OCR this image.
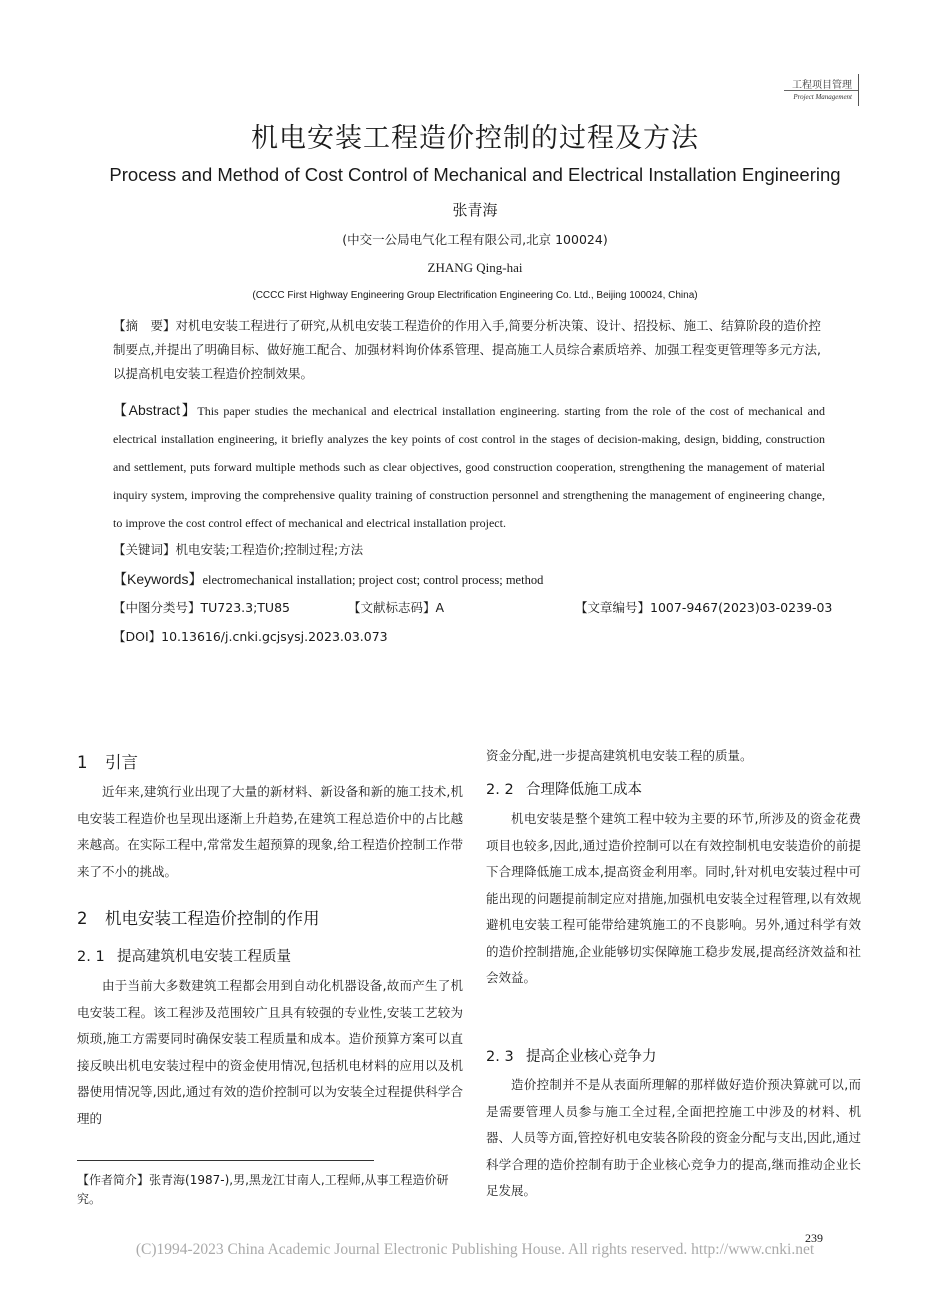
工程项目管理
Project Management
机电安装工程造价控制的过程及方法
Process and Method of Cost Control of Mechanical and Electrical Installation Engineering
张青海
(中交一公局电气化工程有限公司,北京 100024)
ZHANG Qing-hai
(CCCC First Highway Engineering Group Electrification Engineering Co. Ltd., Beijing 100024, China)
【摘　要】对机电安装工程进行了研究,从机电安装工程造价的作用入手,简要分析决策、设计、招投标、施工、结算阶段的造价控制要点,并提出了明确目标、做好施工配合、加强材料询价体系管理、提高施工人员综合素质培养、加强工程变更管理等多元方法,以提高机电安装工程造价控制效果。
【Abstract】This paper studies the mechanical and electrical installation engineering. starting from the role of the cost of mechanical and electrical installation engineering, it briefly analyzes the key points of cost control in the stages of decision-making, design, bidding, construction and settlement, puts forward multiple methods such as clear objectives, good construction cooperation, strengthening the management of material inquiry system, improving the comprehensive quality training of construction personnel and strengthening the management of engineering change, to improve the cost control effect of mechanical and electrical installation project.
【关键词】机电安装;工程造价;控制过程;方法
【Keywords】electromechanical installation; project cost; control process; method
【中图分类号】TU723.3;TU85	【文献标志码】A	【文章编号】1007-9467(2023)03-0239-03
【DOI】10.13616/j.cnki.gcjsysj.2023.03.073
1 引言

近年来,建筑行业出现了大量的新材料、新设备和新的施工技术,机电安装工程造价也呈现出逐渐上升趋势,在建筑工程总造价中的占比越来越高。在实际工程中,常常发生超预算的现象,给工程造价控制工作带来了不小的挑战。

2 机电安装工程造价控制的作用
2. 1 提高建筑机电安装工程质量

由于当前大多数建筑工程都会用到自动化机器设备,故而产生了机电安装工程。该工程涉及范围较广且具有较强的专业性,安装工艺较为烦琐,施工方需要同时确保安装工程质量和成本。造价预算方案可以直接反映出机电安装过程中的资金使用情况,包括机电材料的应用以及机器使用情况等,因此,通过有效的造价控制可以为安装全过程提供科学合理的

【作者简介】张青海(1987-),男,黑龙江甘南人,工程师,从事工程造价研究。

资金分配,进一步提高建筑机电安装工程的质量。

2. 2 合理降低施工成本

机电安装是整个建筑工程中较为主要的环节,所涉及的资金花费项目也较多,因此,通过造价控制可以在有效控制机电安装造价的前提下合理降低施工成本,提高资金利用率。同时,针对机电安装过程中可能出现的问题提前制定应对措施,加强机电安装全过程管理,以有效规避机电安装工程可能带给建筑施工的不良影响。另外,通过科学有效的造价控制措施,企业能够切实保障施工稳步发展,提高经济效益和社会效益。

2. 3 提高企业核心竞争力

造价控制并不是从表面所理解的那样做好造价预决算就可以,而是需要管理人员参与施工全过程,全面把控施工中涉及的材料、机器、人员等方面,管控好机电安装各阶段的资金分配与支出,因此,通过科学合理的造价控制有助于企业核心竞争力的提高,继而推动企业长足发展。

239
(C)1994-2023 China Academic Journal Electronic Publishing House. All rights reserved. http://www.cnki.net
